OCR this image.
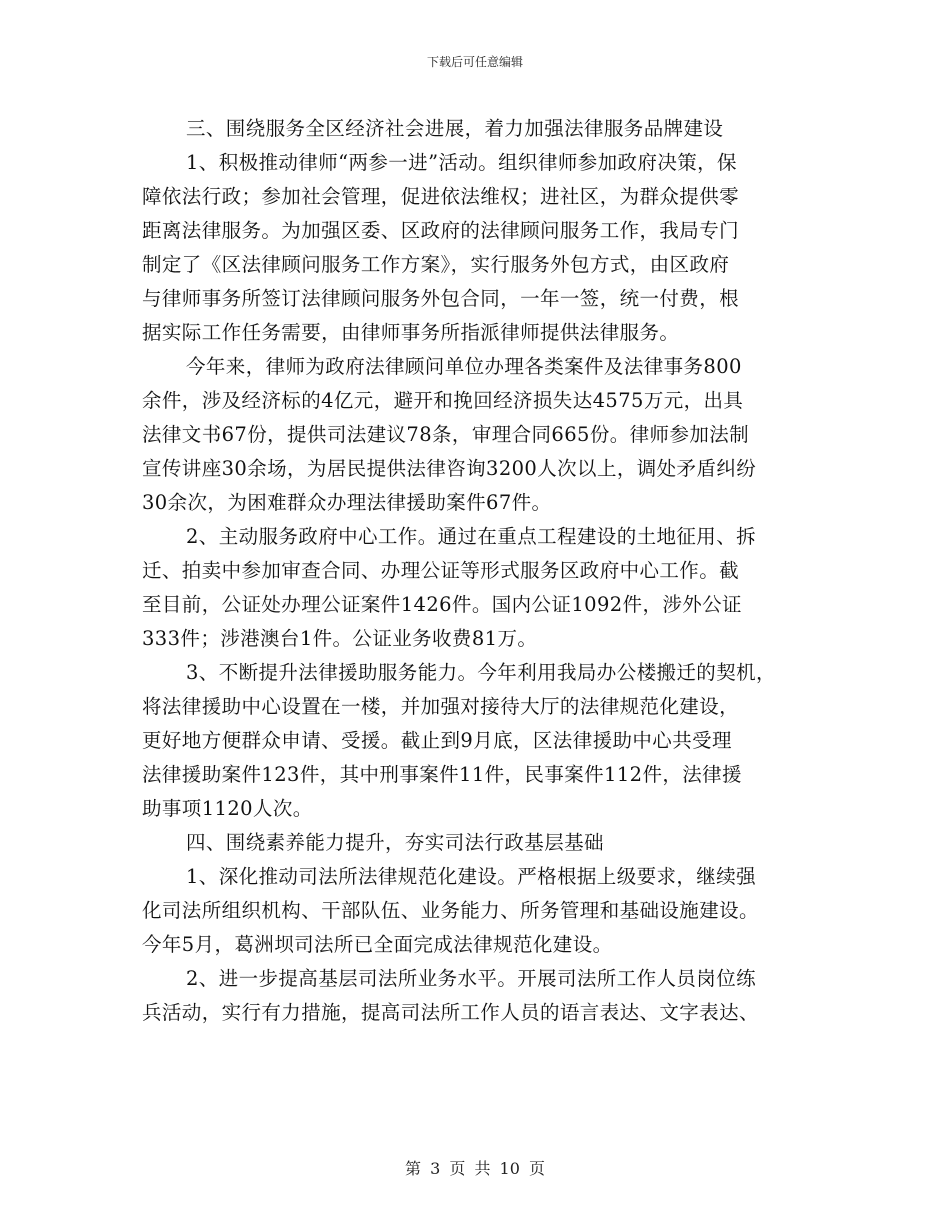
下载后可任意编辑
三、围绕服务全区经济社会进展，着力加强法律服务品牌建设
1、积极推动律师“两参一进”活动。组织律师参加政府决策，保
障依法行政；参加社会管理，促进依法维权；进社区，为群众提供零
距离法律服务。为加强区委、区政府的法律顾问服务工作，我局专门
制定了《区法律顾问服务工作方案》，实行服务外包方式，由区政府
与律师事务所签订法律顾问服务外包合同，一年一签，统一付费，根
据实际工作任务需要，由律师事务所指派律师提供法律服务。
今年来，律师为政府法律顾问单位办理各类案件及法律事务800
余件，涉及经济标的4亿元，避开和挽回经济损失达4575万元，出具
法律文书67份，提供司法建议78条，审理合同665份。律师参加法制
宣传讲座30余场，为居民提供法律咨询3200人次以上，调处矛盾纠纷
30余次，为困难群众办理法律援助案件67件。
2、主动服务政府中心工作。通过在重点工程建设的土地征用、拆
迁、拍卖中参加审查合同、办理公证等形式服务区政府中心工作。截
至目前，公证处办理公证案件1426件。国内公证1092件，涉外公证
333件；涉港澳台1件。公证业务收费81万。
3、不断提升法律援助服务能力。今年利用我局办公楼搬迁的契机，
将法律援助中心设置在一楼，并加强对接待大厅的法律规范化建设，
更好地方便群众申请、受援。截止到9月底，区法律援助中心共受理
法律援助案件123件，其中刑事案件11件，民事案件112件，法律援
助事项1120人次。
四、围绕素养能力提升，夯实司法行政基层基础
1、深化推动司法所法律规范化建设。严格根据上级要求，继续强
化司法所组织机构、干部队伍、业务能力、所务管理和基础设施建设。
今年5月，葛洲坝司法所已全面完成法律规范化建设。
2、进一步提高基层司法所业务水平。开展司法所工作人员岗位练
兵活动，实行有力措施，提高司法所工作人员的语言表达、文字表达、
第 3 页 共 10 页
